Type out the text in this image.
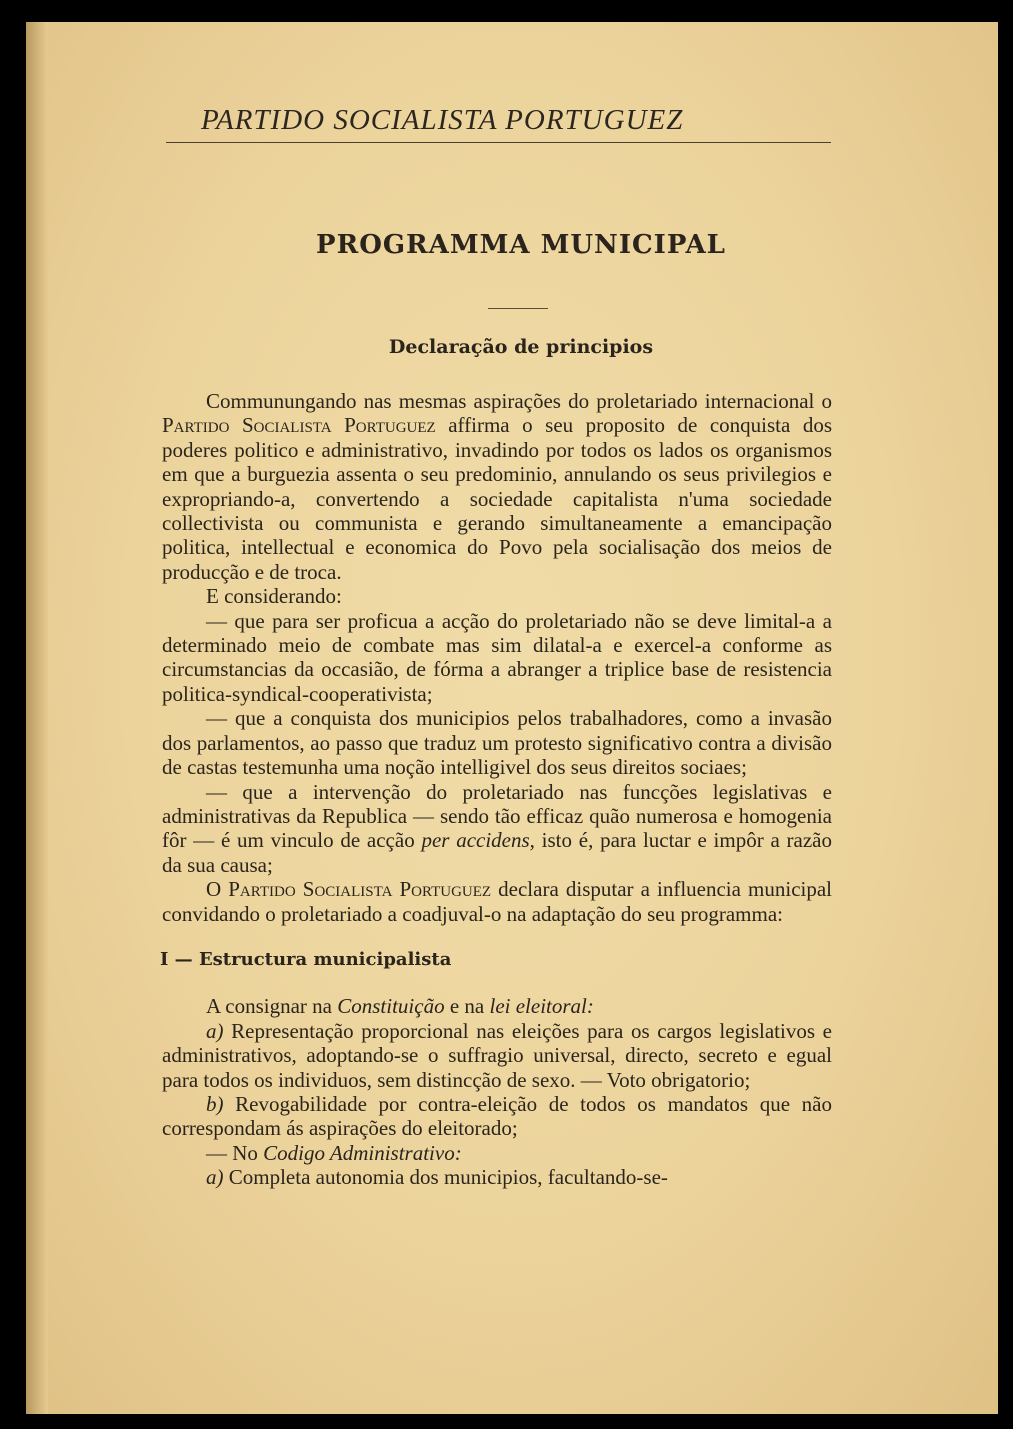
PARTIDO SOCIALISTA PORTUGUEZ
PROGRAMMA MUNICIPAL
Declaração de principios

Communungando nas mesmas aspirações do proletariado internacional o Partido Socialista Portuguez affirma o seu proposito de conquista dos poderes politico e administrativo, invadindo por todos os lados os organismos em que a burguezia assenta o seu predominio, annulando os seus privilegios e expropriando-a, convertendo a sociedade capitalista n'uma sociedade collectivista ou communista e gerando simultaneamente a emancipação politica, intellectual e economica do Povo pela socialisação dos meios de producção e de troca.

E considerando:

— que para ser proficua a acção do proletariado não se deve limital-a a determinado meio de combate mas sim dilatal-a e exercel-a conforme as circumstancias da occasião, de fórma a abranger a triplice base de resistencia politica-syndical-cooperativista;

— que a conquista dos municipios pelos trabalhadores, como a invasão dos parlamentos, ao passo que traduz um protesto significativo contra a divisão de castas testemunha uma noção intelligivel dos seus direitos sociaes;

— que a intervenção do proletariado nas funcções legislativas e administrativas da Republica — sendo tão efficaz quão numerosa e homogenia fôr — é um vinculo de acção per accidens, isto é, para luctar e impôr a razão da sua causa;

O Partido Socialista Portuguez declara disputar a influencia municipal convidando o proletariado a coadjuval-o na adaptação do seu programma:

I — Estructura municipalista

A consignar na Constituição e na lei eleitoral:

a) Representação proporcional nas eleições para os cargos legislativos e administrativos, adoptando-se o suffragio universal, directo, secreto e egual para todos os individuos, sem distincção de sexo. — Voto obrigatorio;

b) Revogabilidade por contra-eleição de todos os mandatos que não correspondam ás aspirações do eleitorado;

— No Codigo Administrativo:

a) Completa autonomia dos municipios, facultando-se-
